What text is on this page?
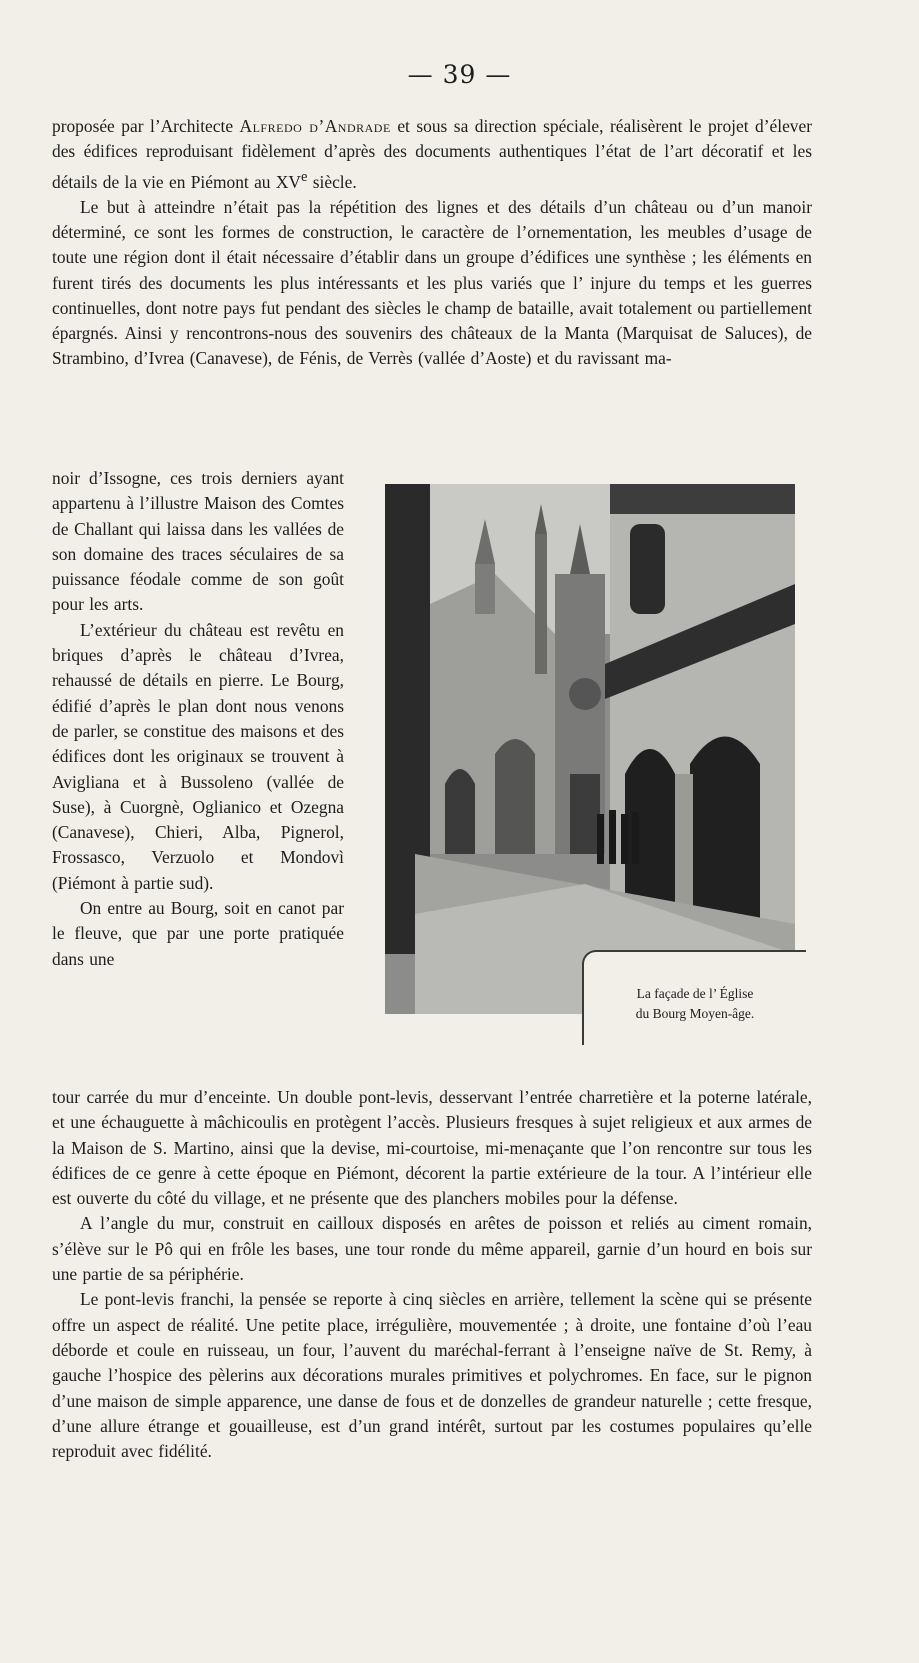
— 39 —

proposée par l’Architecte Alfredo d’Andrade et sous sa direction spéciale, réalisèrent le projet d’élever des édifices reproduisant fidèlement d’après des documents authentiques l’état de l’art décoratif et les détails de la vie en Piémont au XVe siècle.

Le but à atteindre n’était pas la répétition des lignes et des détails d’un château ou d’un manoir déterminé, ce sont les formes de construction, le caractère de l’ornementation, les meubles d’usage de toute une région dont il était nécessaire d’établir dans un groupe d’édifices une synthèse ; les éléments en furent tirés des documents les plus intéressants et les plus variés que l’ injure du temps et les guerres continuelles, dont notre pays fut pendant des siècles le champ de bataille, avait totalement ou partiellement épargnés. Ainsi y rencontrons-nous des souvenirs des châteaux de la Manta (Marquisat de Saluces), de Strambino, d’Ivrea (Canavese), de Fénis, de Verrès (vallée d’Aoste) et du ravissant ma-

noir d’Issogne, ces trois derniers ayant appartenu à l’illustre Maison des Comtes de Challant qui laissa dans les vallées de son domaine des traces séculaires de sa puissance féodale comme de son goût pour les arts.

L’extérieur du château est revêtu en briques d’après le château d’Ivrea, rehaussé de détails en pierre. Le Bourg, édifié d’après le plan dont nous venons de parler, se constitue des maisons et des édifices dont les originaux se trouvent à Avigliana et à Bussoleno (vallée de Suse), à Cuorgnè, Oglianico et Ozegna (Canavese), Chieri, Alba, Pignerol, Frossasco, Verzuolo et Mondovì (Piémont à partie sud).

On entre au Bourg, soit en canot par le fleuve, que par une porte pratiquée dans une

La façade de l’ Église
du Bourg Moyen-âge.

tour carrée du mur d’enceinte. Un double pont-levis, desservant l’entrée charretière et la poterne latérale, et une échauguette à mâchicoulis en protègent l’accès. Plusieurs fresques à sujet religieux et aux armes de la Maison de S. Martino, ainsi que la devise, mi-courtoise, mi-menaçante que l’on rencontre sur tous les édifices de ce genre à cette époque en Piémont, décorent la partie extérieure de la tour. A l’intérieur elle est ouverte du côté du village, et ne présente que des planchers mobiles pour la défense.

A l’angle du mur, construit en cailloux disposés en arêtes de poisson et reliés au ciment romain, s’élève sur le Pô qui en frôle les bases, une tour ronde du même appareil, garnie d’un hourd en bois sur une partie de sa périphérie.

Le pont-levis franchi, la pensée se reporte à cinq siècles en arrière, tellement la scène qui se présente offre un aspect de réalité. Une petite place, irrégulière, mouvementée ; à droite, une fontaine d’où l’eau déborde et coule en ruisseau, un four, l’auvent du maréchal-ferrant à l’enseigne naïve de St. Remy, à gauche l’hospice des pèlerins aux décorations murales primitives et polychromes. En face, sur le pignon d’une maison de simple apparence, une danse de fous et de donzelles de grandeur naturelle ; cette fresque, d’une allure étrange et gouailleuse, est d’un grand intérêt, surtout par les costumes populaires qu’elle reproduit avec fidélité.
